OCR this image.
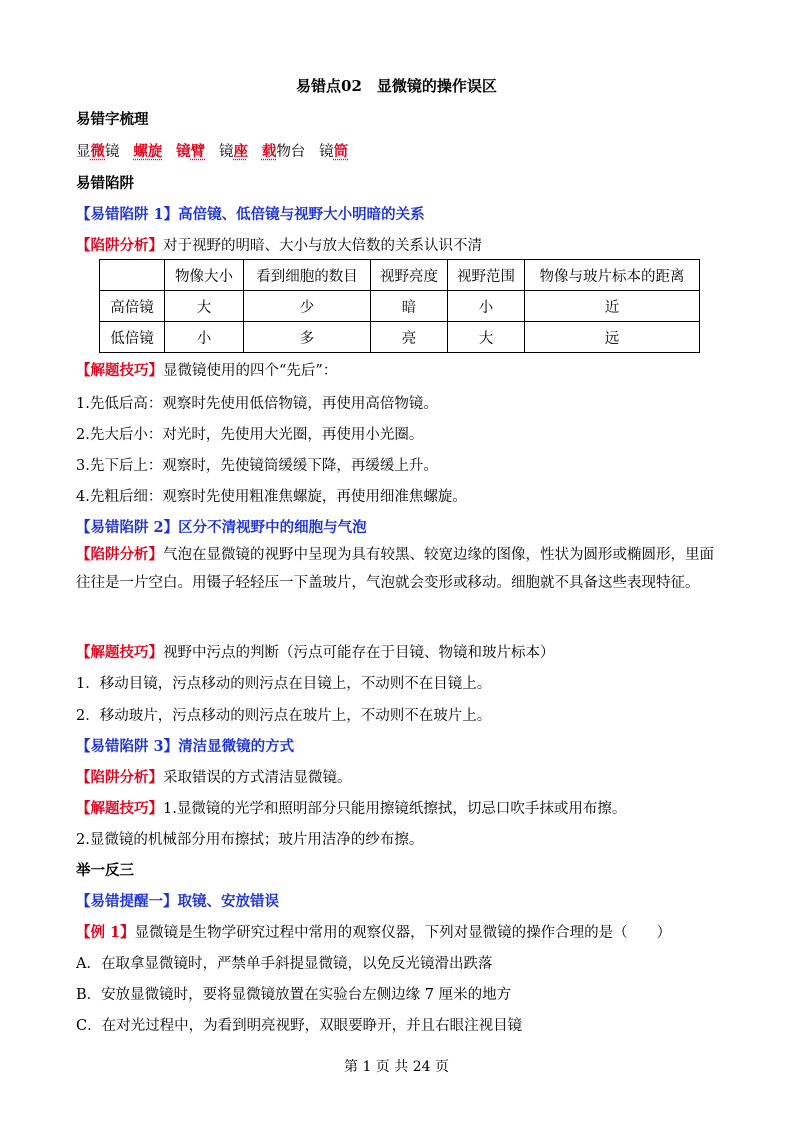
易错点02　显微镜的操作误区
易错字梳理
显微镜 螺旋 镜臂 镜座 载物台 镜筒
易错陷阱
【易错陷阱 1】高倍镜、低倍镜与视野大小明暗的关系
【陷阱分析】对于视野的明暗、大小与放大倍数的关系认识不清
	物像大小	看到细胞的数目	视野亮度	视野范围	物像与玻片标本的距离
高倍镜	大	少	暗	小	近
低倍镜	小	多	亮	大	远
【解题技巧】显微镜使用的四个“先后”：
1.先低后高：观察时先使用低倍物镜，再使用高倍物镜。
2.先大后小：对光时，先使用大光圈，再使用小光圈。
3.先下后上：观察时，先使镜筒缓缓下降，再缓缓上升。
4.先粗后细：观察时先使用粗准焦螺旋，再使用细准焦螺旋。
【易错陷阱 2】区分不清视野中的细胞与气泡
【陷阱分析】气泡在显微镜的视野中呈现为具有较黑、较宽边缘的图像，性状为圆形或椭圆形，里面往往是一片空白。用镊子轻轻压一下盖玻片，气泡就会变形或移动。细胞就不具备这些表现特征。
【解题技巧】视野中污点的判断（污点可能存在于目镜、物镜和玻片标本）
1．移动目镜，污点移动的则污点在目镜上，不动则不在目镜上。
2．移动玻片，污点移动的则污点在玻片上，不动则不在玻片上。
【易错陷阱 3】清洁显微镜的方式
【陷阱分析】采取错误的方式清洁显微镜。
【解题技巧】1.显微镜的光学和照明部分只能用擦镜纸擦拭，切忌口吹手抹或用布擦。
2.显微镜的机械部分用布擦拭；玻片用洁净的纱布擦。
举一反三
【易错提醒一】取镜、安放错误
【例 1】显微镜是生物学研究过程中常用的观察仪器，下列对显微镜的操作合理的是（　　）
A．在取拿显微镜时，严禁单手斜提显微镜，以免反光镜滑出跌落
B．安放显微镜时，要将显微镜放置在实验台左侧边缘 7 厘米的地方
C．在对光过程中，为看到明亮视野，双眼要睁开，并且右眼注视目镜
第 1 页 共 24 页
